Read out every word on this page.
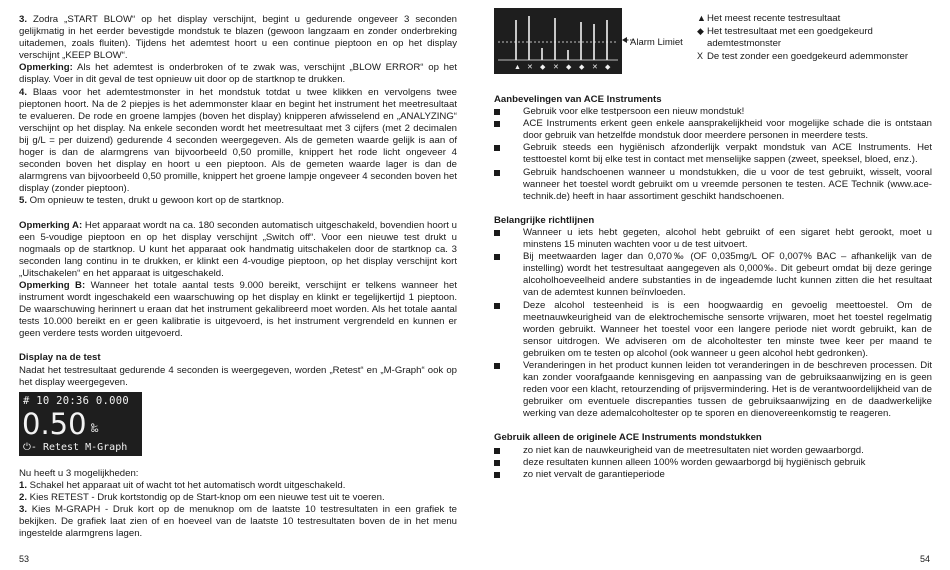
3. Zodra „START BLOW“ op het display verschijnt, begint u gedurende ongeveer 3 seconden gelijkmatig in het eerder bevestigde mondstuk te blazen (gewoon langzaam en zonder onderbreking uitademen, zoals fluiten). Tijdens het ademtest hoort u een continue pieptoon en op het display verschijnt „KEEP BLOW“.

Opmerking: Als het ademtest is onderbroken of te zwak was, verschijnt „BLOW ERROR“ op het display. Voer in dit geval de test opnieuw uit door op de startknop te drukken.

4. Blaas voor het ademtestmonster in het mondstuk totdat u twee klikken en vervolgens twee pieptonen hoort. Na de 2 piepjes is het ademmonster klaar en begint het instrument het meetresultaat te evalueren. De rode en groene lampjes (boven het display) knipperen afwisselend en „ANALYZING“ verschijnt op het display. Na enkele seconden wordt het meetresultaat met 3 cijfers (met 2 decimalen bij g/L = per duizend) gedurende 4 seconden weergegeven. Als de gemeten waarde gelijk is aan of hoger is dan de alarmgrens van bijvoorbeeld 0,50 promille, knippert het rode licht ongeveer 4 seconden boven het display en hoort u een pieptoon. Als de gemeten waarde lager is dan de alarmgrens van bijvoorbeeld 0,50 promille, knippert het groene lampje ongeveer 4 seconden boven het display (zonder pieptoon).

5. Om opnieuw te testen, drukt u gewoon kort op de startknop.

Opmerking A: Het apparaat wordt na ca. 180 seconden automatisch uitgeschakeld, bovendien hoort u een 5-voudige pieptoon en op het display verschijnt „Switch off“. Voor een nieuwe test drukt u nogmaals op de startknop. U kunt het apparaat ook handmatig uitschakelen door de startknop ca. 3 seconden lang continu in te drukken, er klinkt een 4-voudige pieptoon, op het display verschijnt kort „Uitschakelen“ en het apparaat is uitgeschakeld.

Opmerking B: Wanneer het totale aantal tests 9.000 bereikt, verschijnt er telkens wanneer het instrument wordt ingeschakeld een waarschuwing op het display en klinkt er tegelijkertijd 1 pieptoon. De waarschuwing herinnert u eraan dat het instrument gekalibreerd moet worden. Als het totale aantal tests 10.000 bereikt en er geen kalibratie is uitgevoerd, is het instrument vergrendeld en kunnen er geen verdere tests worden uitgevoerd.

Display na de test

Nadat het testresultaat gedurende 4 seconden is weergegeven, worden „Retest“ en „M-Graph“ ook op het display weergegeven.

# 10 20:36 0.000
0.50 ‰
⏻- Retest M-Graph

Nu heeft u 3 mogelijkheden:

1. Schakel het apparaat uit of wacht tot het automatisch wordt uitgeschakeld.

2. Kies RETEST - Druk kortstondig op de Start-knop om een nieuwe test uit te voeren.

3. Kies M-GRAPH - Druk kort op de menuknop om de laatste 10 testresultaten in een grafiek te bekijken. De grafiek laat zien of en hoeveel van de laatste 10 testresultaten boven de in het menu ingestelde alarmgrens lagen.

53
▲ ✕ ◆ ✕ ◆ ◆ ✕ ◆
Alarm Limiet
▲Het meest recente testresultaat
◆ Het testresultaat met een goedgekeurd
ademtestmonster
X De test zonder een goedgekeurd ademmonster

Aanbevelingen van ACE Instruments

Gebruik voor elke testpersoon een nieuw mondstuk!
ACE Instruments erkent geen enkele aansprakelijkheid voor mogelijke schade die is ontstaan door gebruik van hetzelfde mondstuk door meerdere personen in meerdere tests.
Gebruik steeds een hygiënisch afzonderlijk verpakt mondstuk van ACE Instruments. Het testtoestel komt bij elke test in contact met menselijke sappen (zweet, speeksel, bloed, enz.).
Gebruik handschoenen wanneer u mondstukken, die u voor de test gebruikt, wisselt, vooral wanneer het toestel wordt gebruikt om u vreemde personen te testen. ACE Technik (www.ace-technik.de) heeft in haar assortiment geschikt handschoenen.

Belangrijke richtlijnen

Wanneer u iets hebt gegeten, alcohol hebt gebruikt of een sigaret hebt gerookt, moet u minstens 15 minuten wachten voor u de test uitvoert.
Bij meetwaarden lager dan 0,070‰ (OF 0,035mg/L OF 0,007% BAC – afhankelijk van de instelling) wordt het testresultaat aangegeven als 0,000‰. Dit gebeurt omdat bij deze geringe alcoholhoeveelheid andere substanties in de ingeademde lucht kunnen zitten die het resultaat van de ademtest kunnen beïnvloeden.
Deze alcohol testeenheid is is een hoogwaardig en gevoelig meettoestel. Om de meetnauwkeurigheid van de elektrochemische sensorte vrijwaren, moet het toestel regelmatig worden gebruikt. Wanneer het toestel voor een langere periode niet wordt gebruikt, kan de sensor uitdrogen. We adviseren om de alcoholtester ten minste twee keer per maand te gebruiken om te testen op alcohol (ook wanneer u geen alcohol hebt gedronken).
Veranderingen in het product kunnen leiden tot veranderingen in de beschreven processen. Dit kan zonder voorafgaande kennisgeving en aanpassing van de gebruiksaanwijzing en is geen reden voor een klacht, retourzending of prijsvermindering. Het is de verantwoordelijkheid van de gebruiker om eventuele discrepanties tussen de gebruiksaanwijzing en de daadwerkelijke werking van deze ademalcoholtester op te sporen en dienovereenkomstig te reageren.

Gebruik alleen de originele ACE Instruments mondstukken

zo niet kan de nauwkeurigheid van de meetresultaten niet worden gewaarborgd.
deze resultaten kunnen alleen 100% worden gewaarborgd bij hygiënisch gebruik
zo niet vervalt de garantieperiode
54
